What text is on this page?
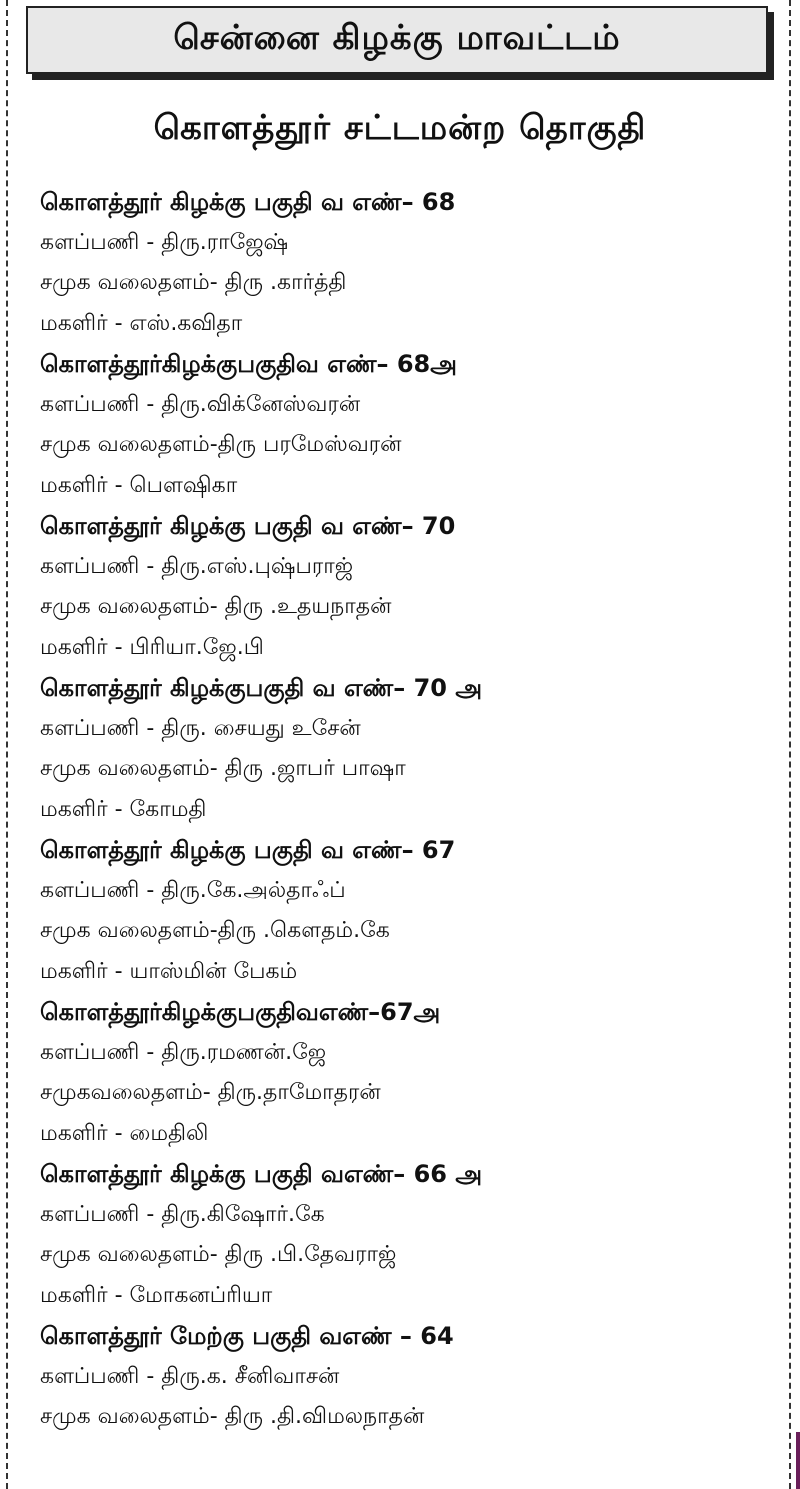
சென்னை கிழக்கு மாவட்டம்
கொளத்தூர் சட்டமன்ற தொகுதி
கொளத்தூர் கிழக்கு பகுதி வ எண்– 68
களப்பணி - திரு.ராஜேஷ்
சமுக வலைதளம்- திரு .கார்த்தி
மகளிர் - எஸ்.கவிதா
கொளத்தூர்கிழக்குபகுதிவ எண்– 68அ
களப்பணி - திரு.விக்னேஸ்வரன்
சமுக வலைதளம்-திரு பரமேஸ்வரன்
மகளிர் - பௌஷிகா
கொளத்தூர் கிழக்கு பகுதி வ எண்– 70
களப்பணி - திரு.எஸ்.புஷ்பராஜ்
சமுக வலைதளம்- திரு .உதயநாதன்
மகளிர் - பிரியா.ஜே.பி
கொளத்தூர் கிழக்குபகுதி வ எண்– 70 அ
களப்பணி - திரு. சையது உசேன்
சமுக வலைதளம்- திரு .ஜாபர் பாஷா
மகளிர் - கோமதி
கொளத்தூர் கிழக்கு பகுதி வ எண்– 67
களப்பணி - திரு.கே.அல்தாஃப்
சமுக வலைதளம்-திரு .கௌதம்.கே
மகளிர் - யாஸ்மின் பேகம்
கொளத்தூர்கிழக்குபகுதிவஎண்–67அ
களப்பணி - திரு.ரமணன்.ஜே
சமுகவலைதளம்- திரு.தாமோதரன்
மகளிர் - மைதிலி
கொளத்தூர் கிழக்கு பகுதி வஎண்– 66 அ
களப்பணி - திரு.கிஷோர்.கே
சமுக வலைதளம்- திரு .பி.தேவராஜ்
மகளிர் - மோகனப்ரியா
கொளத்தூர் மேற்கு பகுதி வஎண் – 64
களப்பணி - திரு.க. சீனிவாசன்
சமுக வலைதளம்- திரு .தி.விமலநாதன்
